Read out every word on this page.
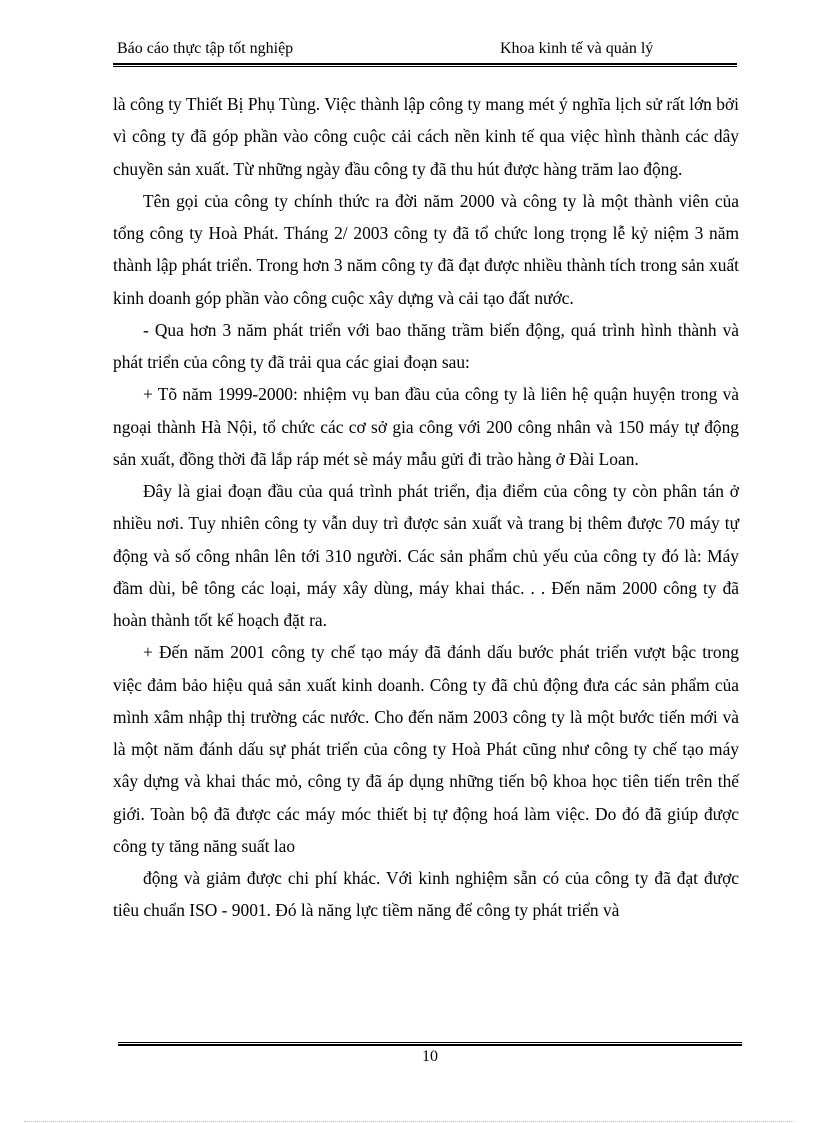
Báo cáo thực tập tốt nghiệp	Khoa kinh tế và quản lý

là công ty Thiết Bị Phụ Tùng. Việc thành lập công ty mang mét ý nghĩa lịch sử rất lớn bởi vì công ty đã góp phần vào công cuộc cải cách nền kinh tế qua việc hình thành các dây chuyền sản xuất. Từ những ngày đầu công ty đã thu hút được hàng trăm lao động.

Tên gọi của công ty chính thức ra đời năm 2000 và công ty là một thành viên của tổng công ty Hoà Phát. Tháng 2/ 2003 công ty đã tổ chức long trọng lễ kỷ niệm 3 năm thành lập phát triển. Trong hơn 3 năm công ty đã đạt được nhiều thành tích trong sản xuất kinh doanh góp phần vào công cuộc xây dựng và cải tạo đất nước.

- Qua hơn 3 năm phát triển với bao thăng trầm biến động, quá trình hình thành và phát triển của công ty đã trải qua các giai đoạn sau:

+ Tõ năm 1999-2000: nhiệm vụ ban đầu của công ty là liên hệ quận huyện trong và ngoại thành Hà Nội, tổ chức các cơ sở gia công với 200 công nhân và 150 máy tự động sản xuất, đồng thời đã lắp ráp mét sè máy mẫu gửi đi trào hàng ở Đài Loan.

Đây là giai đoạn đầu của quá trình phát triển, địa điểm của công ty còn phân tán ở nhiều nơi. Tuy nhiên công ty vẫn duy trì được sản xuất và trang bị thêm được 70 máy tự động và số công nhân lên tới 310 người. Các sản phẩm chủ yếu của công ty đó là: Máy đầm dùi, bê tông các loại, máy xây dùng, máy khai thác. . . Đến năm 2000 công ty đã hoàn thành tốt kế hoạch đặt ra.

+ Đến năm 2001 công ty chế tạo máy đã đánh dấu bước phát triển vượt bậc trong việc đảm bảo hiệu quả sản xuất kinh doanh. Công ty đã chủ động đưa các sản phẩm của mình xâm nhập thị trường các nước. Cho đến năm 2003 công ty là một bước tiến mới và là một năm đánh dấu sự phát triển của công ty Hoà Phát cũng như công ty chế tạo máy xây dựng và khai thác mỏ, công ty đã áp dụng những tiến bộ khoa học tiên tiến trên thế giới. Toàn bộ đã được các máy móc thiết bị tự động hoá làm việc. Do đó đã giúp được công ty tăng năng suất lao

động và giảm được chi phí khác. Với kinh nghiệm sẵn có của công ty đã đạt được tiêu chuẩn ISO - 9001. Đó là năng lực tiềm năng để công ty phát triển và

10
